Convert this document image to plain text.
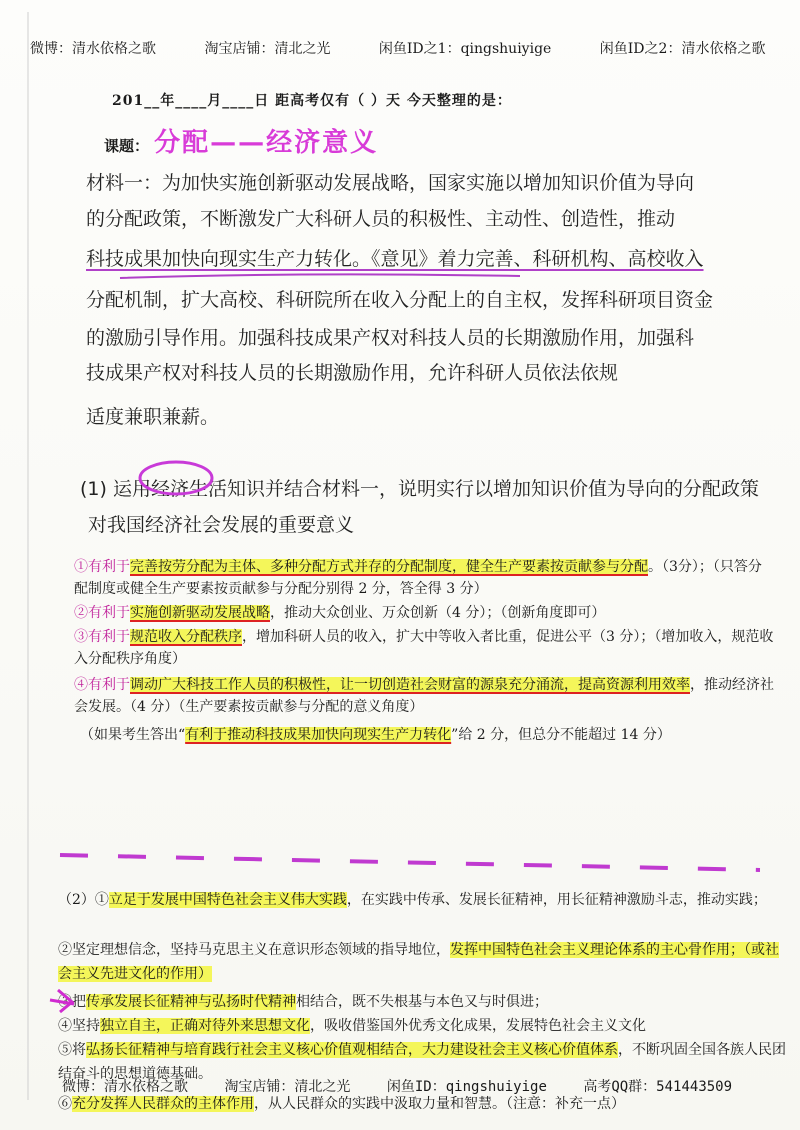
微博：清水依格之歌	淘宝店铺：清北之光	闲鱼ID之1：qingshuiyige	闲鱼ID之2：清水依格之歌
201__年____月____日 距高考仅有（ ）天 今天整理的是：
课题： 分配——经济意义
材料一：为加快实施创新驱动发展战略，国家实施以增加知识价值为导向
的分配政策，不断激发广大科研人员的积极性、主动性、创造性，推动
科技成果加快向现实生产力转化。《意见》着力完善、科研机构、高校收入
分配机制，扩大高校、科研院所在收入分配上的自主权，发挥科研项目资金
的激励引导作用。加强科技成果产权对科技人员的长期激励作用，加强科
技成果产权对科技人员的长期激励作用，允许科研人员依法依规
适度兼职兼薪。
(1) 运用经济生活知识并结合材料一，说明实行以增加知识价值为导向的分配政策
对我国经济社会发展的重要意义
①有利于完善按劳分配为主体、多种分配方式并存的分配制度，健全生产要素按贡献参与分配。（3分）；（只答分配制度或健全生产要素按贡献参与分配分别得 2 分，答全得 3 分）
②有利于实施创新驱动发展战略，推动大众创业、万众创新（4 分）；（创新角度即可）
③有利于规范收入分配秩序，增加科研人员的收入，扩大中等收入者比重，促进公平（3 分）；（增加收入，规范收入分配秩序角度）
④有利于调动广大科技工作人员的积极性，让一切创造社会财富的源泉充分涌流，提高资源利用效率，推动经济社会发展。（4 分）（生产要素按贡献参与分配的意义角度）
（如果考生答出“有利于推动科技成果加快向现实生产力转化”给 2 分，但总分不能超过 14 分）
（2）①立足于发展中国特色社会主义伟大实践，在实践中传承、发展长征精神，用长征精神激励斗志，推动实践；
②坚定理想信念，坚持马克思主义在意识形态领域的指导地位，发挥中国特色社会主义理论体系的主心骨作用；（或社会主义先进文化的作用）
③把传承发展长征精神与弘扬时代精神相结合，既不失根基与本色又与时俱进；
④坚持独立自主，正确对待外来思想文化，吸收借鉴国外优秀文化成果，发展特色社会主义文化
⑤将弘扬长征精神与培育践行社会主义核心价值观相结合，大力建设社会主义核心价值体系，不断巩固全国各族人民团结奋斗的思想道德基础。
⑥充分发挥人民群众的主体作用，从人民群众的实践中汲取力量和智慧。（注意：补充一点）
微博：清水依格之歌	淘宝店铺：清北之光	闲鱼ID：qingshuiyige	高考QQ群：541443509
